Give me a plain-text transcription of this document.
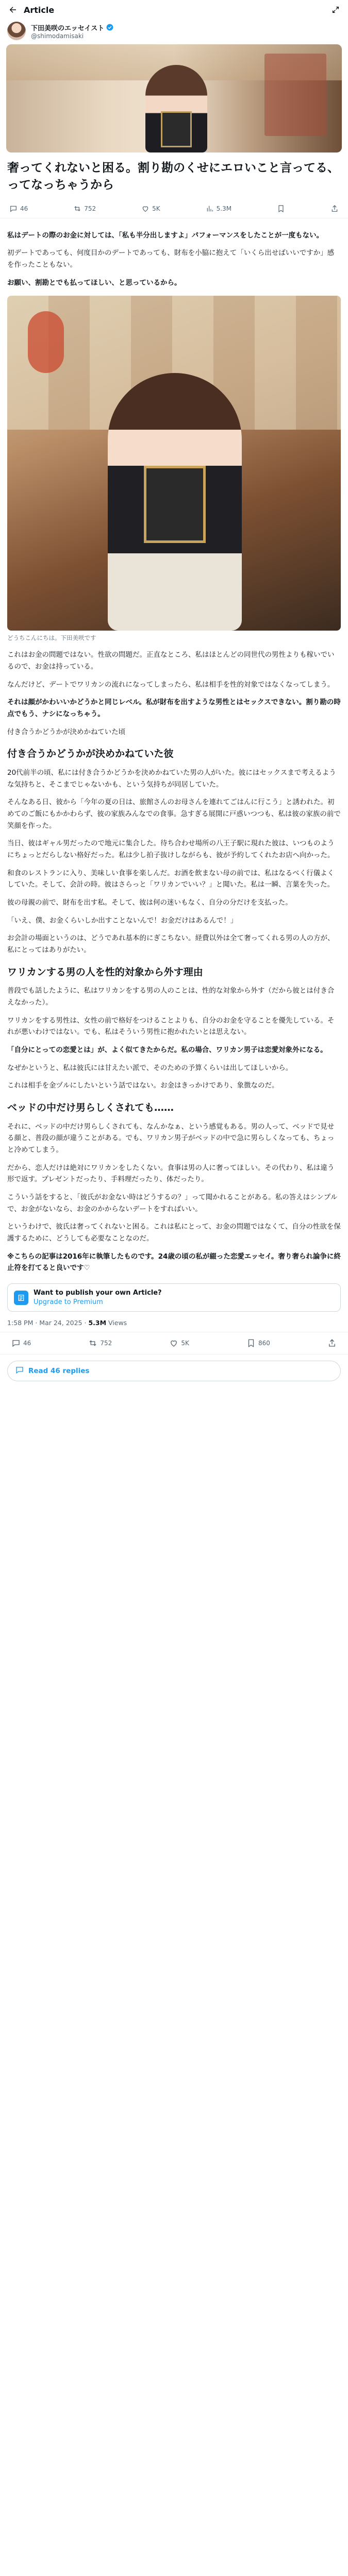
Article
下田美咲のエッセイスト
@shimodamisaki
奢ってくれないと困る。割り勘のくせにエロいこと言ってる、ってなっちゃうから
46	752	5K	5.3M

私はデートの際のお金に対しては、「私も半分出しますよ」パフォーマンスをしたことが一度もない。

初デートであっても、何度目かのデートであっても、財布を小脇に抱えて「いくら出せばいいですか」感を作ったこともない。

お願い、割勘とでも払ってほしい、と思っているから。

どうちこんにちは。下田美咲です

これはお金の問題ではない。性欲の問題だ。正直なところ、私はほとんどの同世代の男性よりも稼いでいるので、お金は持っている。

なんだけど、デートでワリカンの流れになってしまったら、私は相手を性的対象ではなくなってしまう。

それは顔がかわいいかどうかと同じレベル。私が財布を出すような男性とはセックスできない。割り勘の時点でもう、ナシになっちゃう。

付き合うかどうかが決めかねていた頃

付き合うかどうかが決めかねていた彼

20代前半の頃、私には付き合うかどうかを決めかねていた男の人がいた。彼にはセックスまで考えるような気持ちと、そこまでじゃないかも、という気持ちが同居していた。

そんなある日、彼から「今年の夏の日は、旅館さんのお母さんを連れてごはんに行こう」と誘われた。初めてのご飯にもかかわらず、彼の家族みんなでの食事。急すぎる展開に戸惑いつつも、私は彼の家族の前で笑顔を作った。

当日、彼はギャル男だったので地元に集合した。待ち合わせ場所の八王子駅に現れた彼は、いつものようにちょっとだらしない格好だった。私は少し拍子抜けしながらも、彼が予約してくれたお店へ向かった。

和食のレストランに入り、美味しい食事を楽しんだ。お酒を飲まない母の前では、私はなるべく行儀よくしていた。そして、会計の時。彼はさらっと「ワリカンでいい？」と聞いた。私は一瞬、言葉を失った。

彼の母親の前で、財布を出す私。そして、彼は何の迷いもなく、自分の分だけを支払った。

「いえ、僕、お金くらいしか出すことないんで！お金だけはあるんで！」

お会計の場面というのは、どうであれ基本的にぎこちない。経費以外は全て奢ってくれる男の人の方が、私にとってはありがたい。

ワリカンする男の人を性的対象から外す理由

普段でも話したように、私はワリカンをする男の人のことは、性的な対象から外す（だから彼とは付き合えなかった）。

ワリカンをする男性は、女性の前で格好をつけることよりも、自分のお金を守ることを優先している。それが悪いわけではない。でも、私はそういう男性に抱かれたいとは思えない。

「自分にとっての恋愛とは」が、よく似てきたからだ。私の場合、ワリカン男子は恋愛対象外になる。

なぜかというと、私は彼氏には甘えたい派で、そのための予算くらいは出してほしいから。

これは相手を金ヅルにしたいという話ではない。お金はきっかけであり、象徴なのだ。

ベッドの中だけ男らしくされても……

それに、ベッドの中だけ男らしくされても、なんかなぁ、という感覚もある。男の人って、ベッドで見せる顔と、普段の顔が違うことがある。でも、ワリカン男子がベッドの中で急に男らしくなっても、ちょっと冷めてしまう。

だから、恋人だけは絶対にワリカンをしたくない。食事は男の人に奢ってほしい。その代わり、私は違う形で返す。プレゼントだったり、手料理だったり、体だったり。

こういう話をすると、「彼氏がお金ない時はどうするの？」って聞かれることがある。私の答えはシンプルで、お金がないなら、お金のかからないデートをすればいい。

というわけで、彼氏は奢ってくれないと困る。これは私にとって、お金の問題ではなくて、自分の性欲を保護するために、どうしても必要なことなのだ。

※こちらの記事は2016年に執筆したものです。24歳の頃の私が綴った恋愛エッセイ。奢り奢られ論争に終止符を打てると良いです♡

Want to publish your own Article?
Upgrade to Premium
1:58 PM · Mar 24, 2025 · 5.3M Views
46	752	5K	860
Read 46 replies
